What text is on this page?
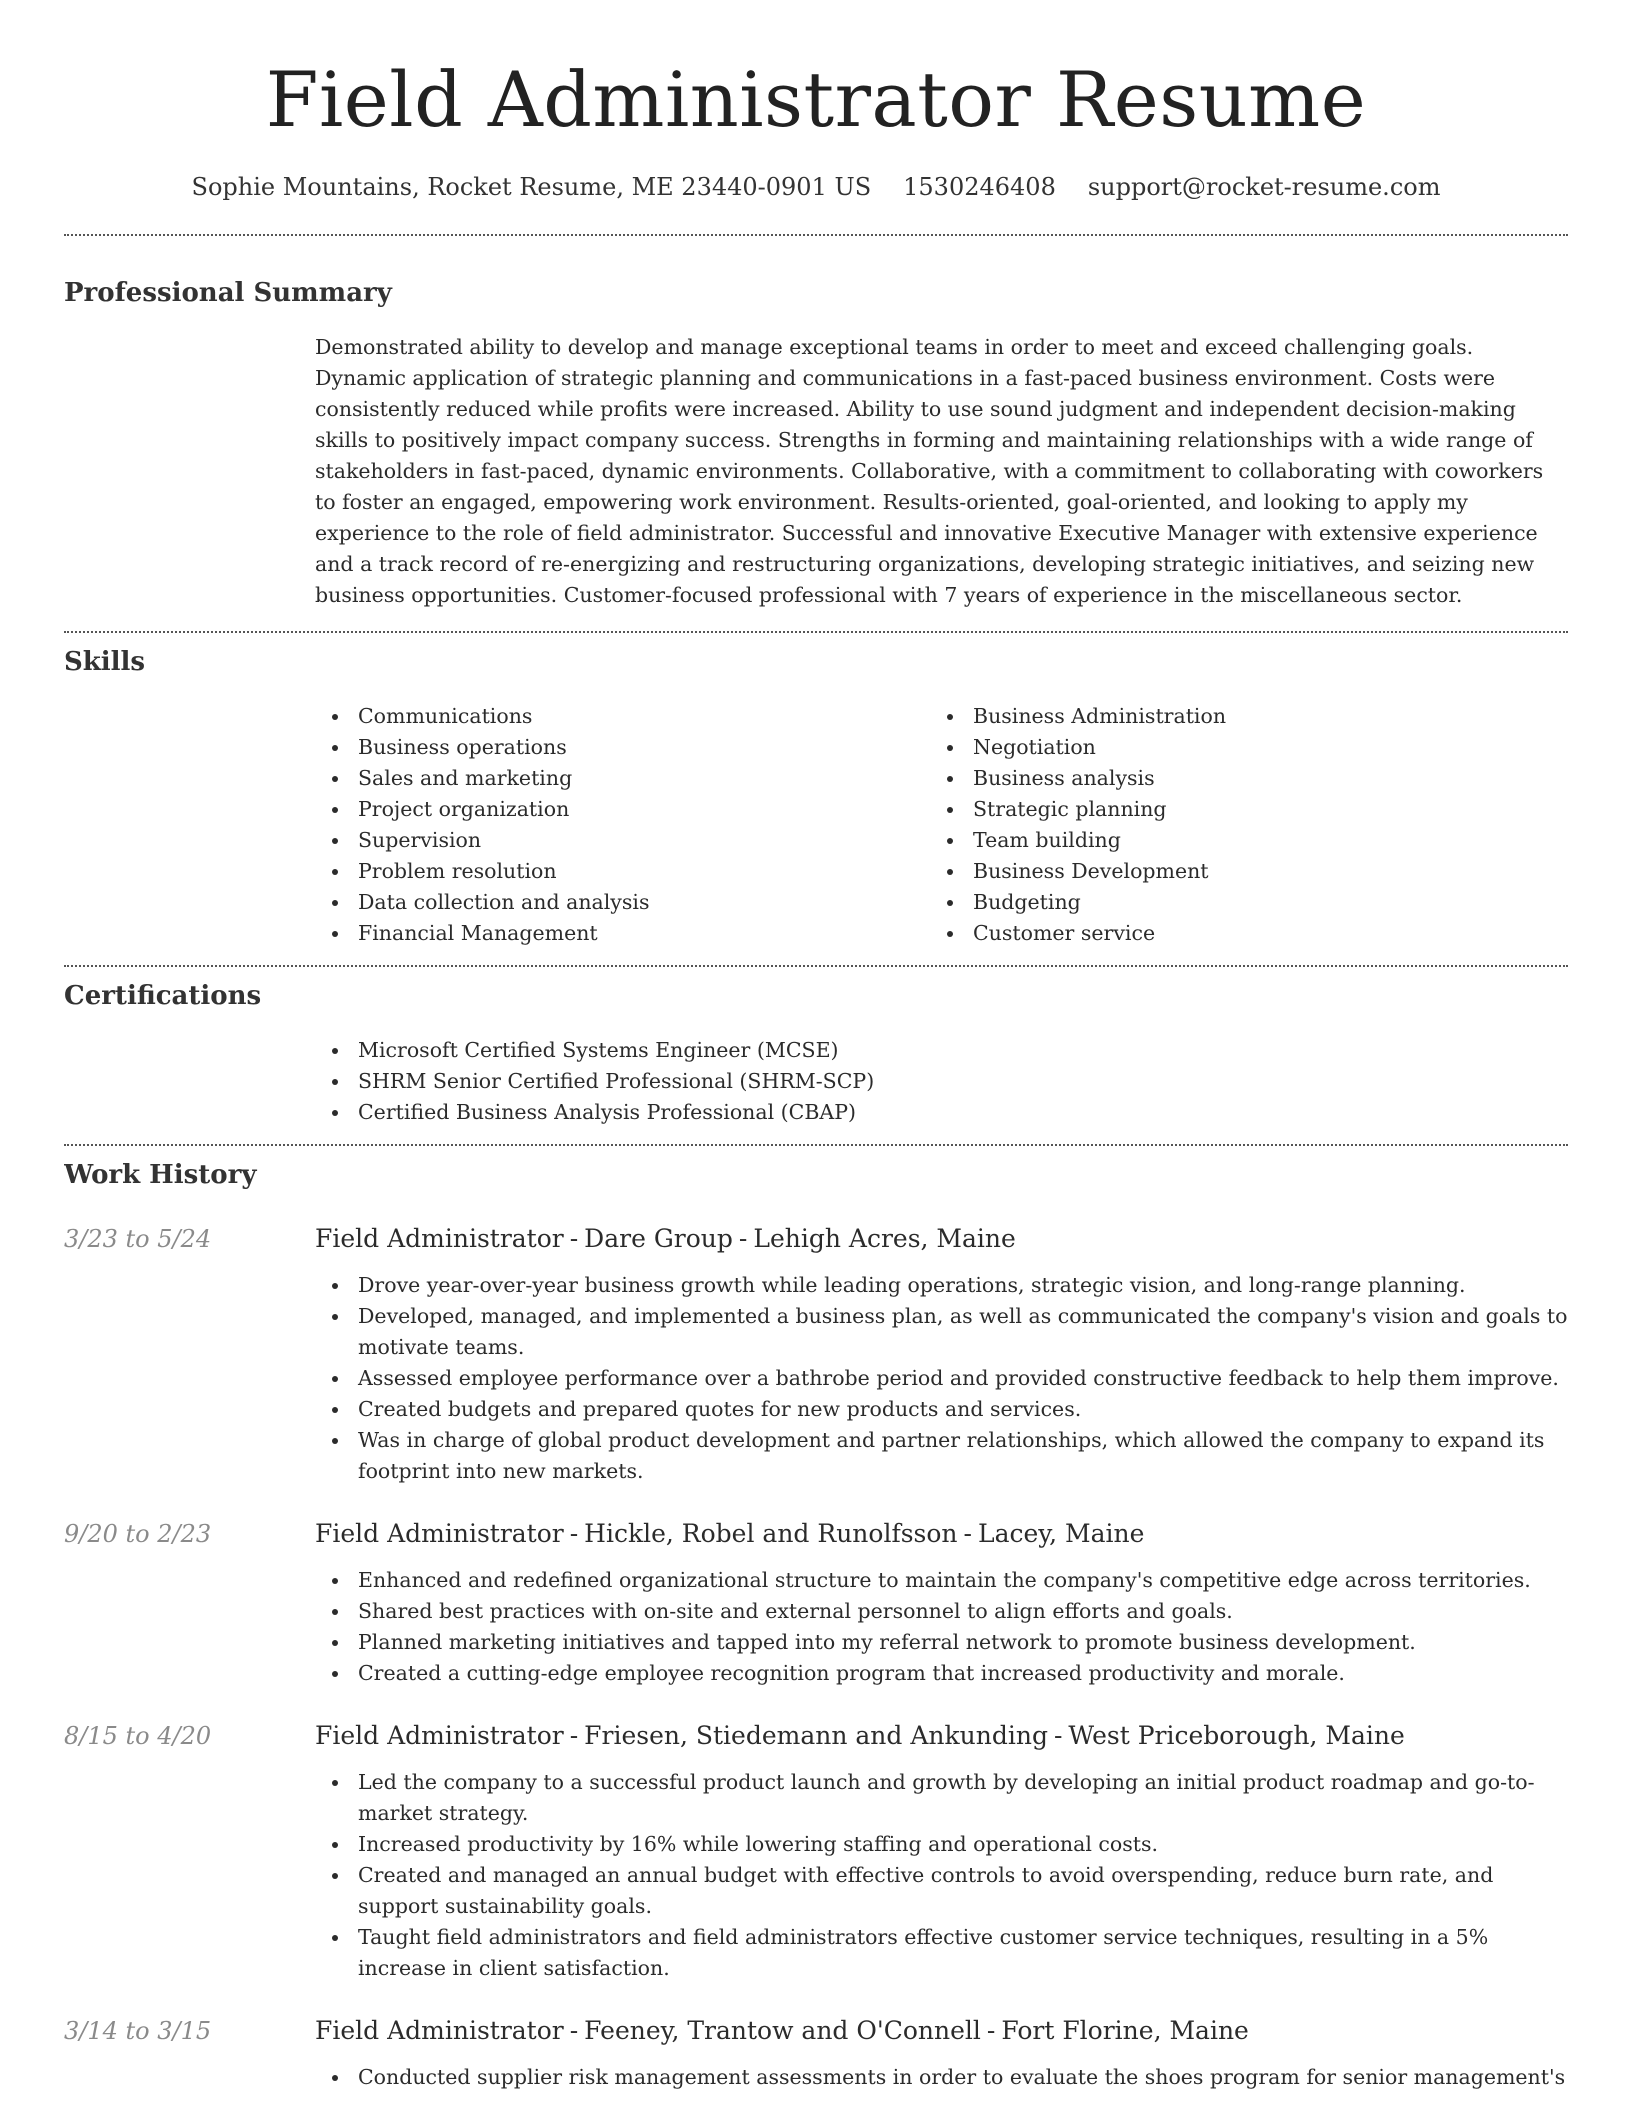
Field Administrator Resume
Sophie Mountains, Rocket Resume, ME 23440-0901 US 1530246408 support@rocket-resume.com
Professional Summary

Demonstrated ability to develop and manage exceptional teams in order to meet and exceed challenging goals. Dynamic application of strategic planning and communications in a fast-paced business environment. Costs were consistently reduced while profits were increased. Ability to use sound judgment and independent decision-making skills to positively impact company success. Strengths in forming and maintaining relationships with a wide range of stakeholders in fast-paced, dynamic environments. Collaborative, with a commitment to collaborating with coworkers to foster an engaged, empowering work environment. Results-oriented, goal-oriented, and looking to apply my experience to the role of field administrator. Successful and innovative Executive Manager with extensive experience and a track record of re-energizing and restructuring organizations, developing strategic initiatives, and seizing new business opportunities. Customer-focused professional with 7 years of experience in the miscellaneous sector.

Skills
Communications
Business operations
Sales and marketing
Project organization
Supervision
Problem resolution
Data collection and analysis
Financial Management
Business Administration
Negotiation
Business analysis
Strategic planning
Team building
Business Development
Budgeting
Customer service
Certifications
Microsoft Certified Systems Engineer (MCSE)
SHRM Senior Certified Professional (SHRM-SCP)
Certified Business Analysis Professional (CBAP)
Work History
3/23 to 5/24	Field Administrator - Dare Group - Lehigh Acres, Maine
Drove year-over-year business growth while leading operations, strategic vision, and long-range planning.
Developed, managed, and implemented a business plan, as well as communicated the company's vision and goals to motivate teams.
Assessed employee performance over a bathrobe period and provided constructive feedback to help them improve.
Created budgets and prepared quotes for new products and services.
Was in charge of global product development and partner relationships, which allowed the company to expand its footprint into new markets.
9/20 to 2/23	Field Administrator - Hickle, Robel and Runolfsson - Lacey, Maine
Enhanced and redefined organizational structure to maintain the company's competitive edge across territories.
Shared best practices with on-site and external personnel to align efforts and goals.
Planned marketing initiatives and tapped into my referral network to promote business development.
Created a cutting-edge employee recognition program that increased productivity and morale.
8/15 to 4/20	Field Administrator - Friesen, Stiedemann and Ankunding - West Priceborough, Maine
Led the company to a successful product launch and growth by developing an initial product roadmap and go-to-market strategy.
Increased productivity by 16% while lowering staffing and operational costs.
Created and managed an annual budget with effective controls to avoid overspending, reduce burn rate, and support sustainability goals.
Taught field administrators and field administrators effective customer service techniques, resulting in a 5% increase in client satisfaction.
3/14 to 3/15	Field Administrator - Feeney, Trantow and O'Connell - Fort Florine, Maine
Conducted supplier risk management assessments in order to evaluate the shoes program for senior management's
